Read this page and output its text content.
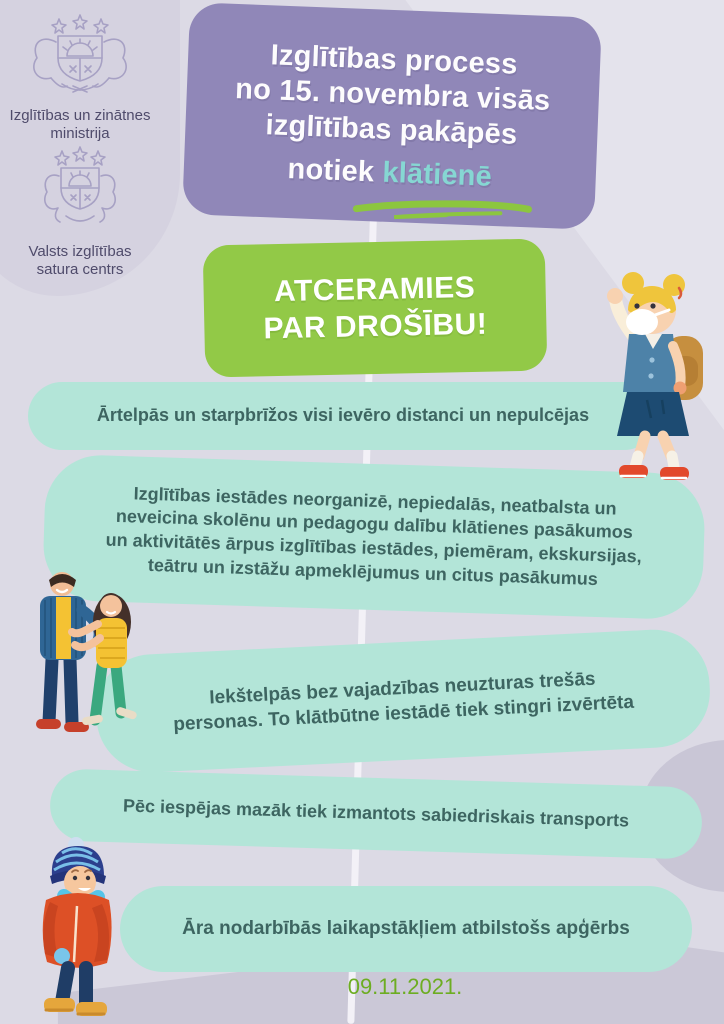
Izglītības un zinātnes
ministrija
Valsts izglītības
satura centrs
Izglītības process
no 15. novembra visās
izglītības pakāpēs
notiek klātienē
ATCERAMIES
PAR DROŠĪBU!
Ārtelpās un starpbrīžos visi ievēro distanci un nepulcējas
Izglītības iestādes neorganizē, nepiedalās, neatbalsta un neveicina skolēnu un pedagogu dalību klātienes pasākumos un aktivitātēs ārpus izglītības iestādes, piemēram, ekskursijas, teātru un izstāžu apmeklējumus un citus pasākumus
Iekštelpās bez vajadzības neuzturas trešās personas. To klātbūtne iestādē tiek stingri izvērtēta
Pēc iespējas mazāk tiek izmantots sabiedriskais transports
Āra nodarbībās laikapstākļiem atbilstošs apģērbs
09.11.2021.
